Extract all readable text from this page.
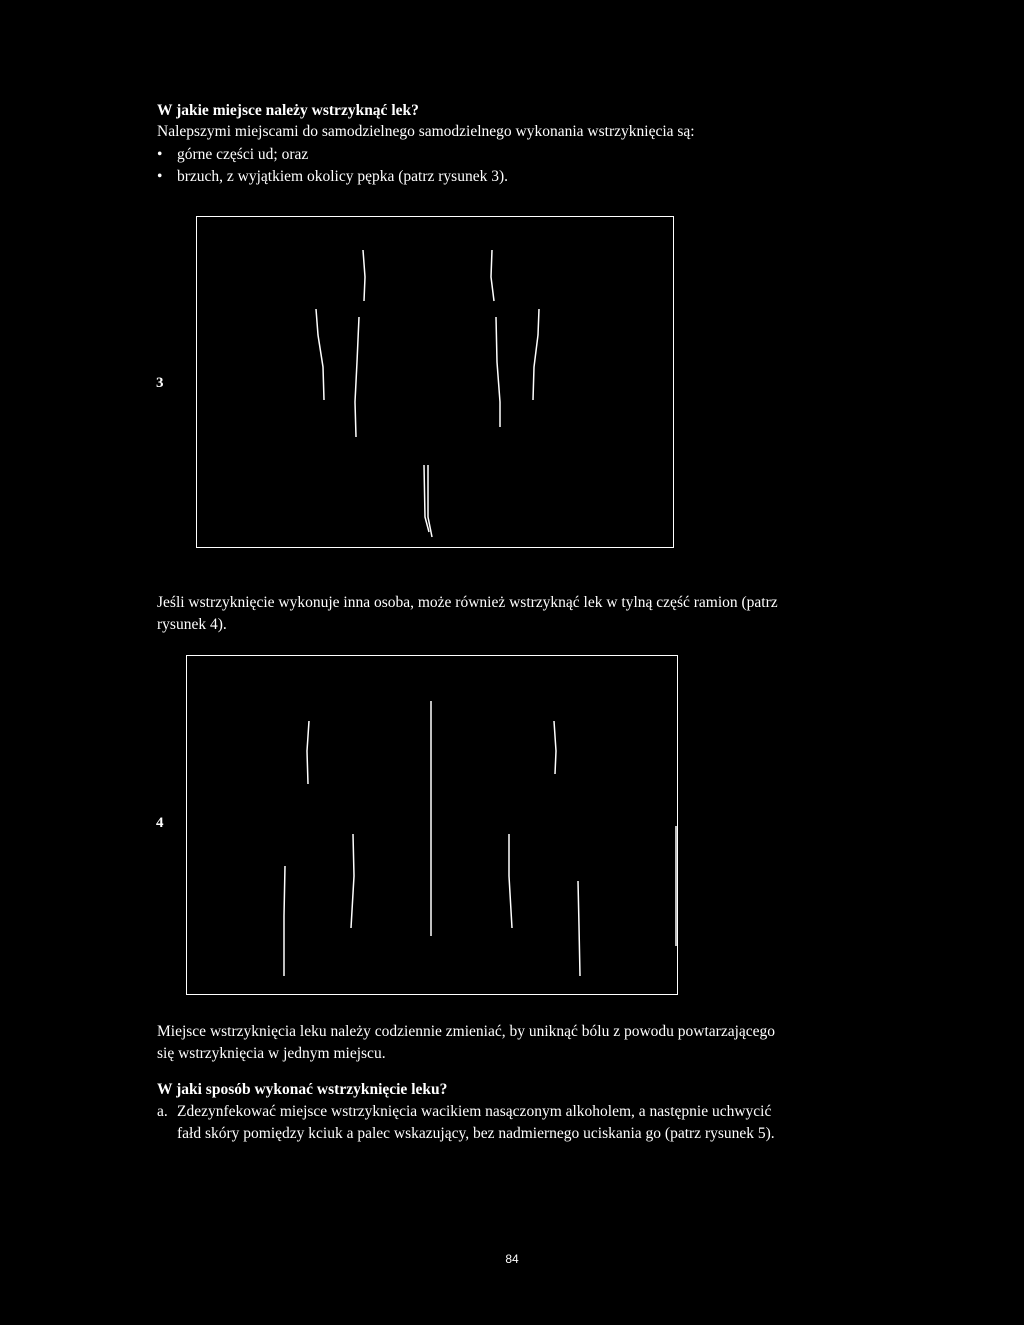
W jakie miejsce należy wstrzyknąć lek?
Nalepszymi miejscami do samodzielnego samodzielnego wykonania wstrzyknięcia są:
• górne części ud; oraz
• brzuch, z wyjątkiem okolicy pępka (patrz rysunek 3).
3
Jeśli wstrzyknięcie wykonuje inna osoba, może również wstrzyknąć lek w tylną część ramion (patrz
rysunek 4).
4
Miejsce wstrzyknięcia leku należy codziennie zmieniać, by uniknąć bólu z powodu powtarzającego
się wstrzyknięcia w jednym miejscu.
W jaki sposób wykonać wstrzyknięcie leku?
a. Zdezynfekować miejsce wstrzyknięcia wacikiem nasączonym alkoholem, a następnie uchwycić
fałd skóry pomiędzy kciuk a palec wskazujący, bez nadmiernego uciskania go (patrz rysunek 5).
84
